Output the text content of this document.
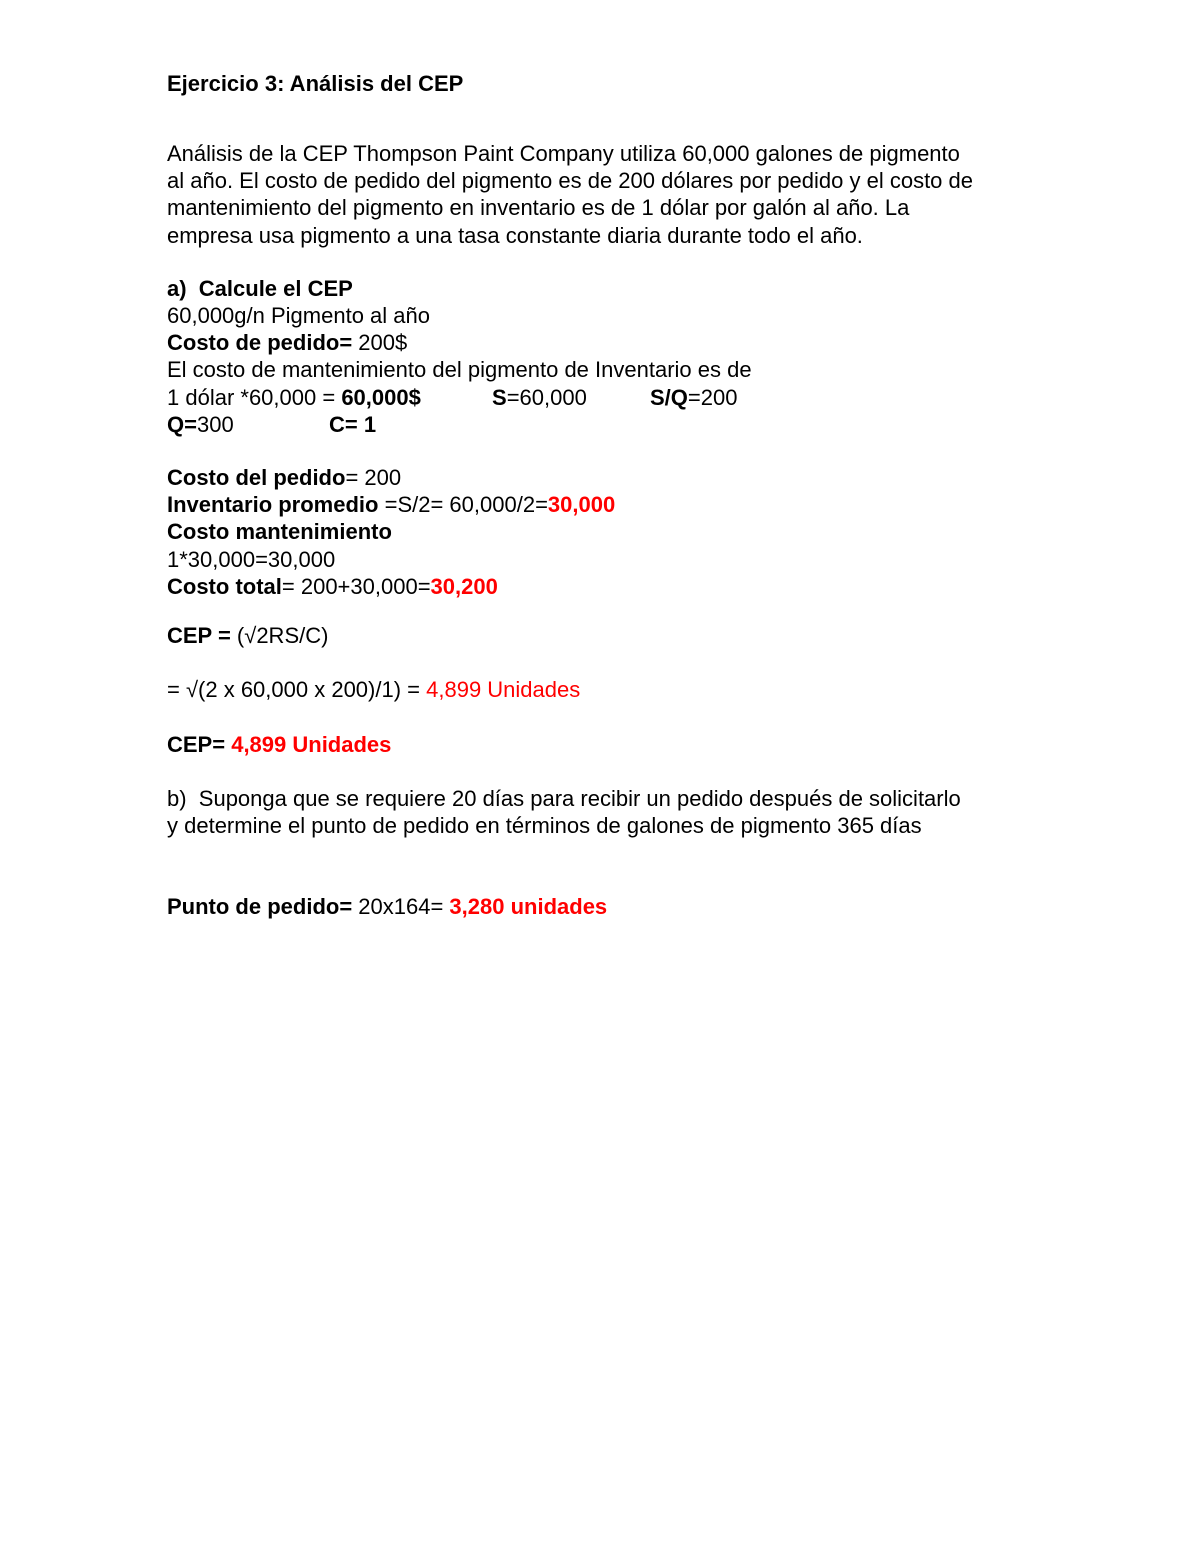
Ejercicio 3: Análisis del CEP
Análisis de la CEP Thompson Paint Company utiliza 60,000 galones de pigmento
al año. El costo de pedido del pigmento es de 200 dólares por pedido y el costo de
mantenimiento del pigmento en inventario es de 1 dólar por galón al año. La
empresa usa pigmento a una tasa constante diaria durante todo el año.
a)  Calcule el CEP
60,000g/n Pigmento al año
Costo de pedido= 200$
El costo de mantenimiento del pigmento de Inventario es de
1 dólar *60,000 = 60,000$	S=60,000	S/Q=200
Q=300	C= 1
Costo del pedido= 200
Inventario promedio =S/2= 60,000/2=30,000
Costo mantenimiento
1*30,000=30,000
Costo total= 200+30,000=30,200
CEP = (√2RS/C)
= √(2 x 60,000 x 200)/1) = 4,899 Unidades
CEP= 4,899 Unidades
b)  Suponga que se requiere 20 días para recibir un pedido después de solicitarlo
y determine el punto de pedido en términos de galones de pigmento 365 días
Punto de pedido= 20x164= 3,280 unidades
